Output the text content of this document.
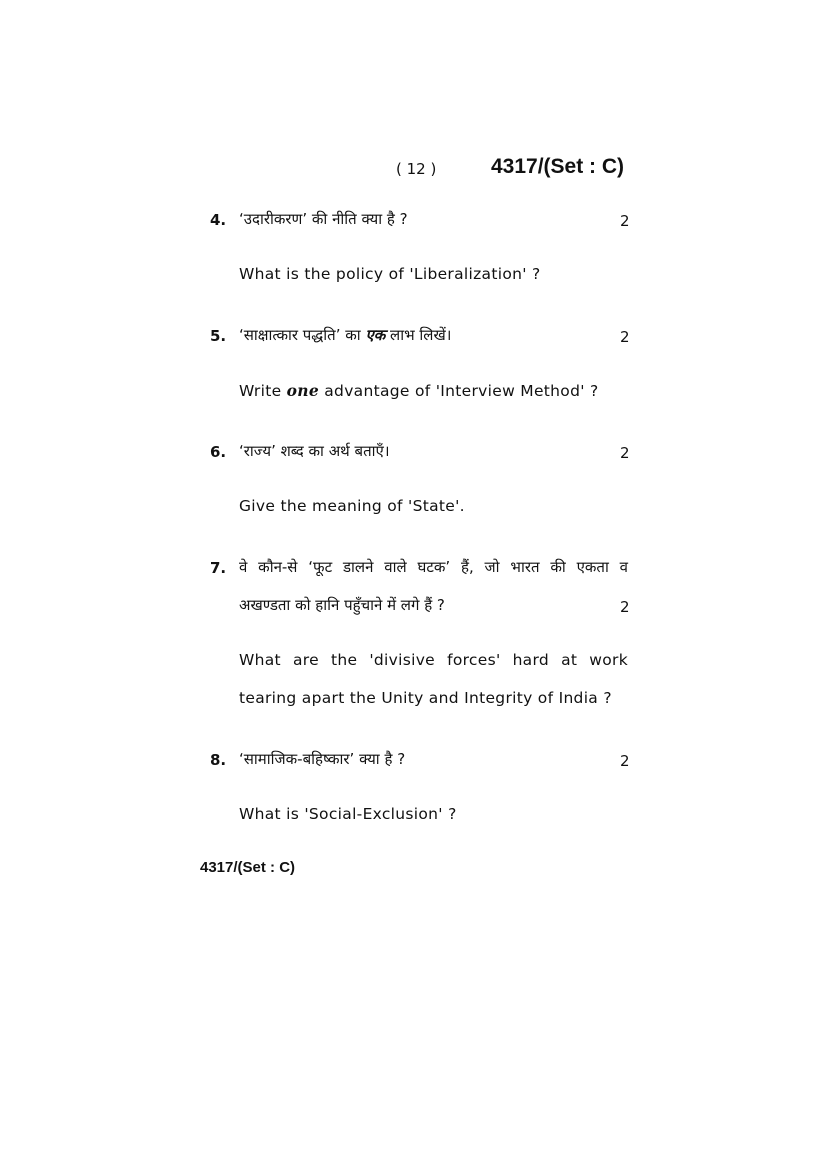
( 12 )	4317/(Set : C)
4. ‘उदारीकरण’ की नीति क्या है ?	2
What is the policy of 'Liberalization' ?
5. ‘साक्षात्कार पद्धति’ का एक लाभ लिखें।	2
Write one advantage of 'Interview Method' ?
6. ‘राज्य’ शब्द का अर्थ बताएँ।	2
Give the meaning of 'State'.
7. वे कौन-से ‘फूट डालने वाले घटक’ हैं, जो भारत की एकता व
अखण्डता को हानि पहुँचाने में लगे हैं ?	2
What are the 'divisive forces' hard at work
tearing apart the Unity and Integrity of India ?
8. ‘सामाजिक-बहिष्कार’ क्या है ?	2
What is 'Social-Exclusion' ?
4317/(Set : C)
